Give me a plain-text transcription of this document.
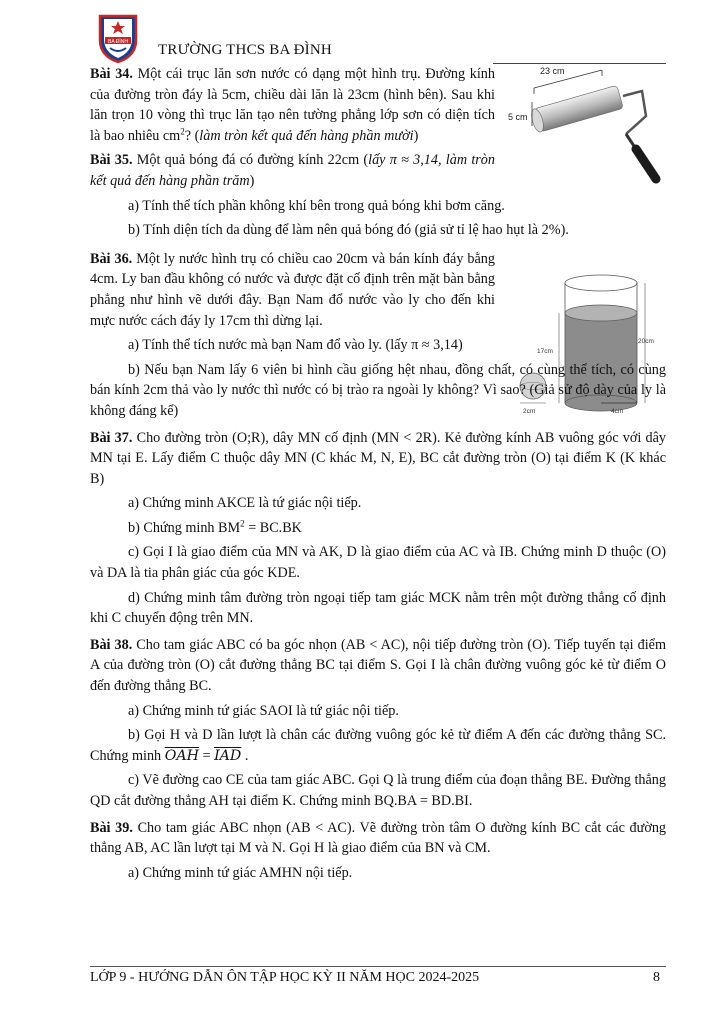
BA ĐÌNH TRƯỜNG THCS BA ĐÌNH
23 cm
5 cm
20cm
17cm
2cm	4cm

Bài 34. Một cái trục lăn sơn nước có dạng một hình trụ. Đường kính của đường tròn đáy là 5cm, chiều dài lăn là 23cm (hình bên). Sau khi lăn trọn 10 vòng thì trục lăn tạo nên tường phẳng lớp sơn có diện tích là bao nhiêu $cm^2$? (làm tròn kết quả đến hàng phần mười)

Bài 35. Một quả bóng đá có đường kính 22cm (lấy π ≈ 3,14, làm tròn kết quả đến hàng phần trăm)

a) Tính thể tích phần không khí bên trong quả bóng khi bơm căng.

b) Tính diện tích da dùng để làm nên quả bóng đó (giả sử tỉ lệ hao hụt là 2%).

Bài 36. Một ly nước hình trụ có chiều cao 20cm và bán kính đáy bằng 4cm. Ly ban đầu không có nước và được đặt cố định trên mặt bàn bằng phẳng như hình vẽ dưới đây. Bạn Nam đổ nước vào ly cho đến khi mực nước cách đáy ly 17cm thì dừng lại.

a) Tính thể tích nước mà bạn Nam đổ vào ly. (lấy π ≈ 3,14)

b) Nếu bạn Nam lấy 6 viên bi hình cầu giống hệt nhau, đồng chất, có cùng thể tích, có cùng bán kính 2cm thả vào ly nước thì nước có bị trào ra ngoài ly không? Vì sao? (Giả sử độ dày của ly là không đáng kể)

Bài 37. Cho đường tròn (O;R), dây MN cố định (MN < 2R). Kẻ đường kính AB vuông góc với dây MN tại E. Lấy điểm C thuộc dây MN (C khác M, N, E), BC cắt đường tròn (O) tại điểm K (K khác B)

a) Chứng minh AKCE là tứ giác nội tiếp.

b) Chứng minh $BM^2 = BC.BK$

c) Gọi I là giao điểm của MN và AK, D là giao điểm của AC và IB. Chứng minh D thuộc (O) và DA là tia phân giác của góc KDE.

d) Chứng minh tâm đường tròn ngoại tiếp tam giác MCK nằm trên một đường thẳng cố định khi C chuyển động trên MN.

Bài 38. Cho tam giác ABC có ba góc nhọn (AB < AC), nội tiếp đường tròn (O). Tiếp tuyến tại điểm A của đường tròn (O) cắt đường thẳng BC tại điểm S. Gọi I là chân đường vuông góc kẻ từ điểm O đến đường thẳng BC.

a) Chứng minh tứ giác SAOI là tứ giác nội tiếp.

b) Gọi H và D lần lượt là chân các đường vuông góc kẻ từ điểm A đến các đường thẳng SC. Chứng minh $\overline{OAH} = \overline{IAD}$ .

c) Vẽ đường cao CE của tam giác ABC. Gọi Q là trung điểm của đoạn thẳng BE. Đường thẳng QD cắt đường thẳng AH tại điểm K. Chứng minh BQ.BA = BD.BI.

Bài 39. Cho tam giác ABC nhọn (AB < AC). Vẽ đường tròn tâm O đường kính BC cắt các đường thẳng AB, AC lần lượt tại M và N. Gọi H là giao điểm của BN và CM.

a) Chứng minh tứ giác AMHN nội tiếp.

LỚP 9 - HƯỚNG DẪN ÔN TẬP HỌC KỲ II NĂM HỌC 2024-2025	8
